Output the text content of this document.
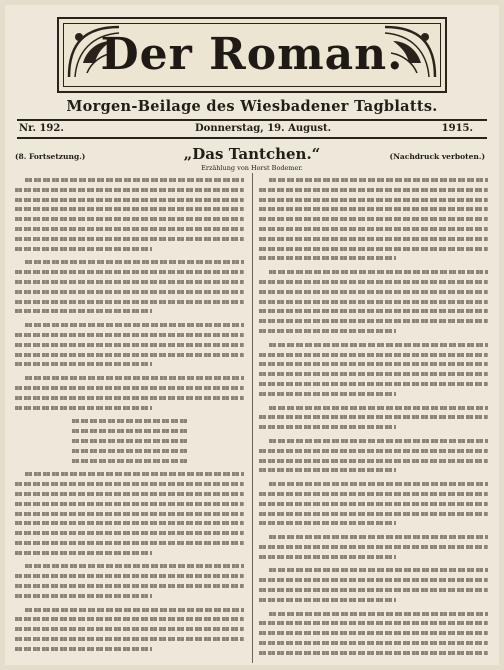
Der Roman.
Morgen-Beilage des Wiesbadener Tagblatts.
Nr. 192.	Donnerstag, 19. August.	1915.
(8. Fortsetzung.)	„Das Tantchen.“
Erzählung von Horst Bodemer.
(Nachdruck verboten.)
